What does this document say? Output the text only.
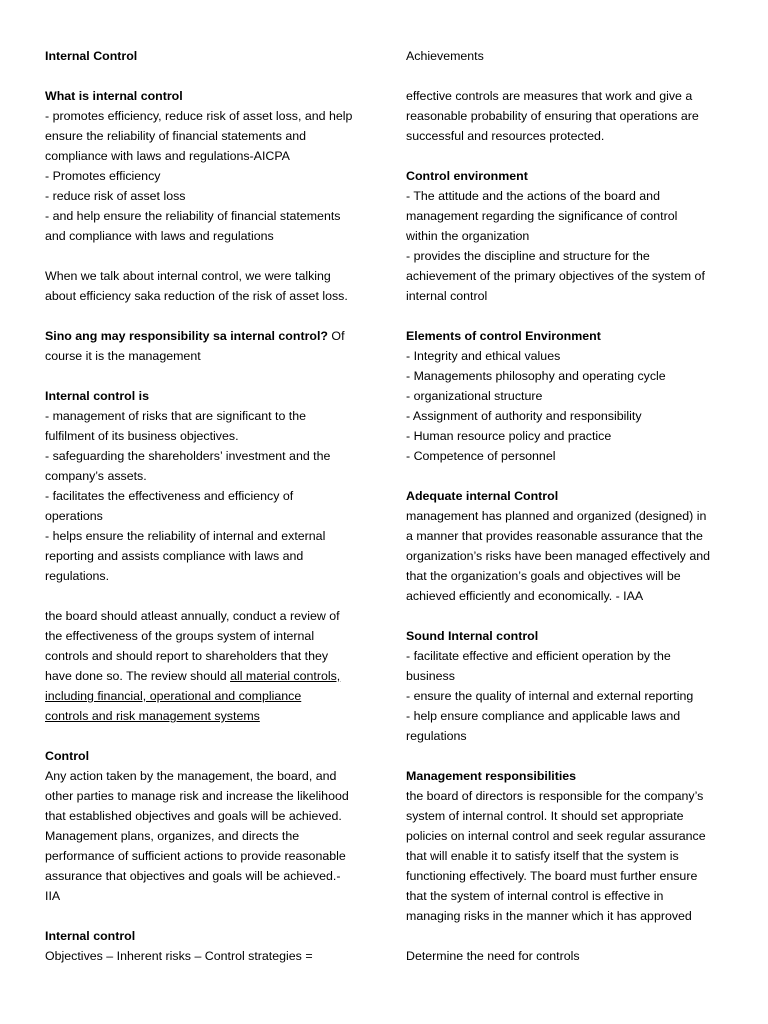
Internal Control

What is internal control
- promotes efficiency, reduce risk of asset loss, and help
ensure the reliability of financial statements and
compliance with laws and regulations-AICPA
- Promotes efficiency
- reduce risk of asset loss
- and help ensure the reliability of financial statements
and compliance with laws and regulations

When we talk about internal control, we were talking
about efficiency saka reduction of the risk of asset loss.

Sino ang may responsibility sa internal control? Of
course it is the management

Internal control is
- management of risks that are significant to the
fulfilment of its business objectives.
- safeguarding the shareholders’ investment and the
company’s assets.
- facilitates the effectiveness and efficiency of
operations
- helps ensure the reliability of internal and external
reporting and assists compliance with laws and
regulations.

the board should atleast annually, conduct a review of
the effectiveness of the groups system of internal
controls and should report to shareholders that they
have done so. The review should all material controls,
including financial, operational and compliance
controls and risk management systems

Control
Any action taken by the management, the board, and
other parties to manage risk and increase the likelihood
that established objectives and goals will be achieved.
Management plans, organizes, and directs the
performance of sufficient actions to provide reasonable
assurance that objectives and goals will be achieved.-
IIA

Internal control
Objectives – Inherent risks – Control strategies =

Achievements

effective controls are measures that work and give a
reasonable probability of ensuring that operations are
successful and resources protected.

Control environment
- The attitude and the actions of the board and
management regarding the significance of control
within the organization
- provides the discipline and structure for the
achievement of the primary objectives of the system of
internal control

Elements of control Environment
- Integrity and ethical values
- Managements philosophy and operating cycle
- organizational structure
- Assignment of authority and responsibility
- Human resource policy and practice
- Competence of personnel

Adequate internal Control
management has planned and organized (designed) in
a manner that provides reasonable assurance that the
organization’s risks have been managed effectively and
that the organization’s goals and objectives will be
achieved efficiently and economically. - IAA

Sound Internal control
- facilitate effective and efficient operation by the
business
- ensure the quality of internal and external reporting
- help ensure compliance and applicable laws and
regulations

Management responsibilities
the board of directors is responsible for the company’s
system of internal control. It should set appropriate
policies on internal control and seek regular assurance
that will enable it to satisfy itself that the system is
functioning effectively. The board must further ensure
that the system of internal control is effective in
managing risks in the manner which it has approved

Determine the need for controls
